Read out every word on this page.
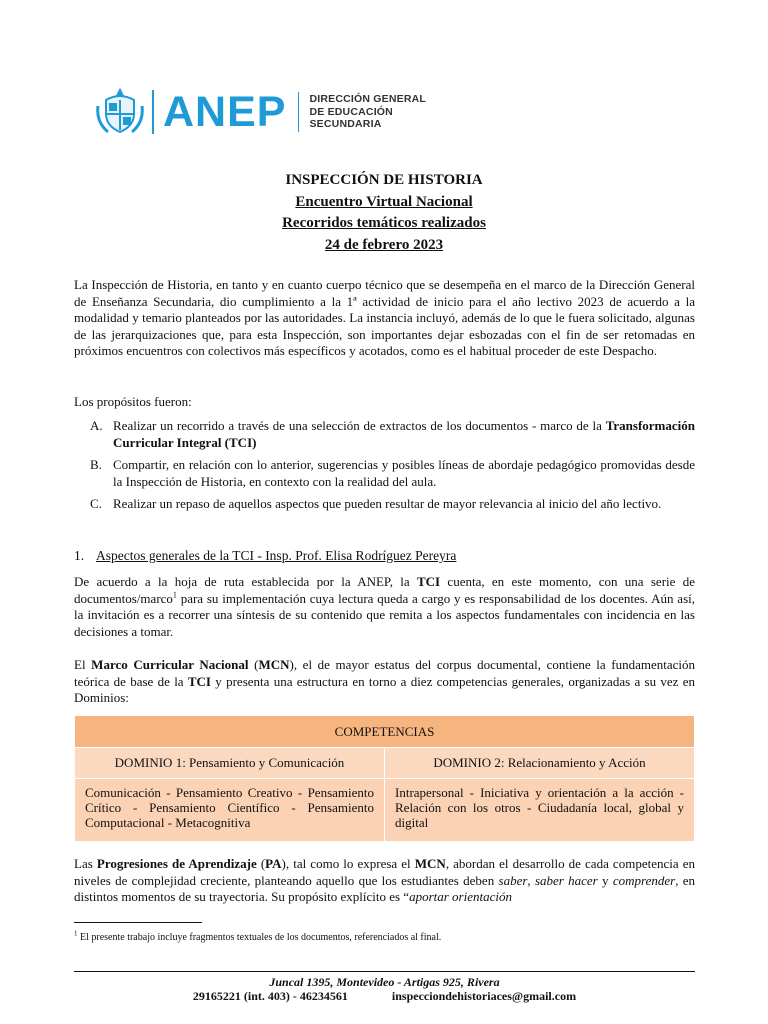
ANEP DIRECCIÓN GENERAL
DE EDUCACIÓN
SECUNDARIA
INSPECCIÓN DE HISTORIA
Encuentro Virtual Nacional
Recorridos temáticos realizados
24 de febrero 2023

La Inspección de Historia, en tanto y en cuanto cuerpo técnico que se desempeña en el marco de la Dirección General de Enseñanza Secundaria, dio cumplimiento a la 1ª actividad de inicio para el año lectivo 2023 de acuerdo a la modalidad y temario planteados por las autoridades. La instancia incluyó, además de lo que le fuera solicitado, algunas de las jerarquizaciones que, para esta Inspección, son importantes dejar esbozadas con el fin de ser retomadas en próximos encuentros con colectivos más específicos y acotados, como es el habitual proceder de este Despacho.

Los propósitos fueron:
A. Realizar un recorrido a través de una selección de extractos de los documentos - marco de la Transformación Curricular Integral (TCI)
B. Compartir, en relación con lo anterior, sugerencias y posibles líneas de abordaje pedagógico promovidas desde la Inspección de Historia, en contexto con la realidad del aula.
C. Realizar un repaso de aquellos aspectos que pueden resultar de mayor relevancia al inicio del año lectivo.
1. Aspectos generales de la TCI - Insp. Prof. Elisa Rodríguez Pereyra

De acuerdo a la hoja de ruta establecida por la ANEP, la TCI cuenta, en este momento, con una serie de documentos/marco$^1$ para su implementación cuya lectura queda a cargo y es responsabilidad de los docentes. Aún así, la invitación es a recorrer una síntesis de su contenido que remita a los aspectos fundamentales con incidencia en las decisiones a tomar.

El Marco Curricular Nacional (MCN), el de mayor estatus del corpus documental, contiene la fundamentación teórica de base de la TCI y presenta una estructura en torno a diez competencias generales, organizadas a su vez en Dominios:

COMPETENCIAS	
DOMINIO 1: Pensamiento y Comunicación	DOMINIO 2: Relacionamiento y Acción
Comunicación - Pensamiento Creativo - Pensamiento Crítico - Pensamiento Científico - Pensamiento Computacional - Metacognitiva	Intrapersonal - Iniciativa y orientación a la acción - Relación con los otros - Ciudadanía local, global y digital

Las Progresiones de Aprendizaje (PA), tal como lo expresa el MCN, abordan el desarrollo de cada competencia en niveles de complejidad creciente, planteando aquello que los estudiantes deben saber, saber hacer y comprender, en distintos momentos de su trayectoria. Su propósito explícito es “aportar orientación

$^1$ El presente trabajo incluye fragmentos textuales de los documentos, referenciados al final.
Juncal 1395, Montevideo - Artigas 925, Rivera
29165221 (int. 403) - 46234561	inspecciondehistoriaces@gmail.com
